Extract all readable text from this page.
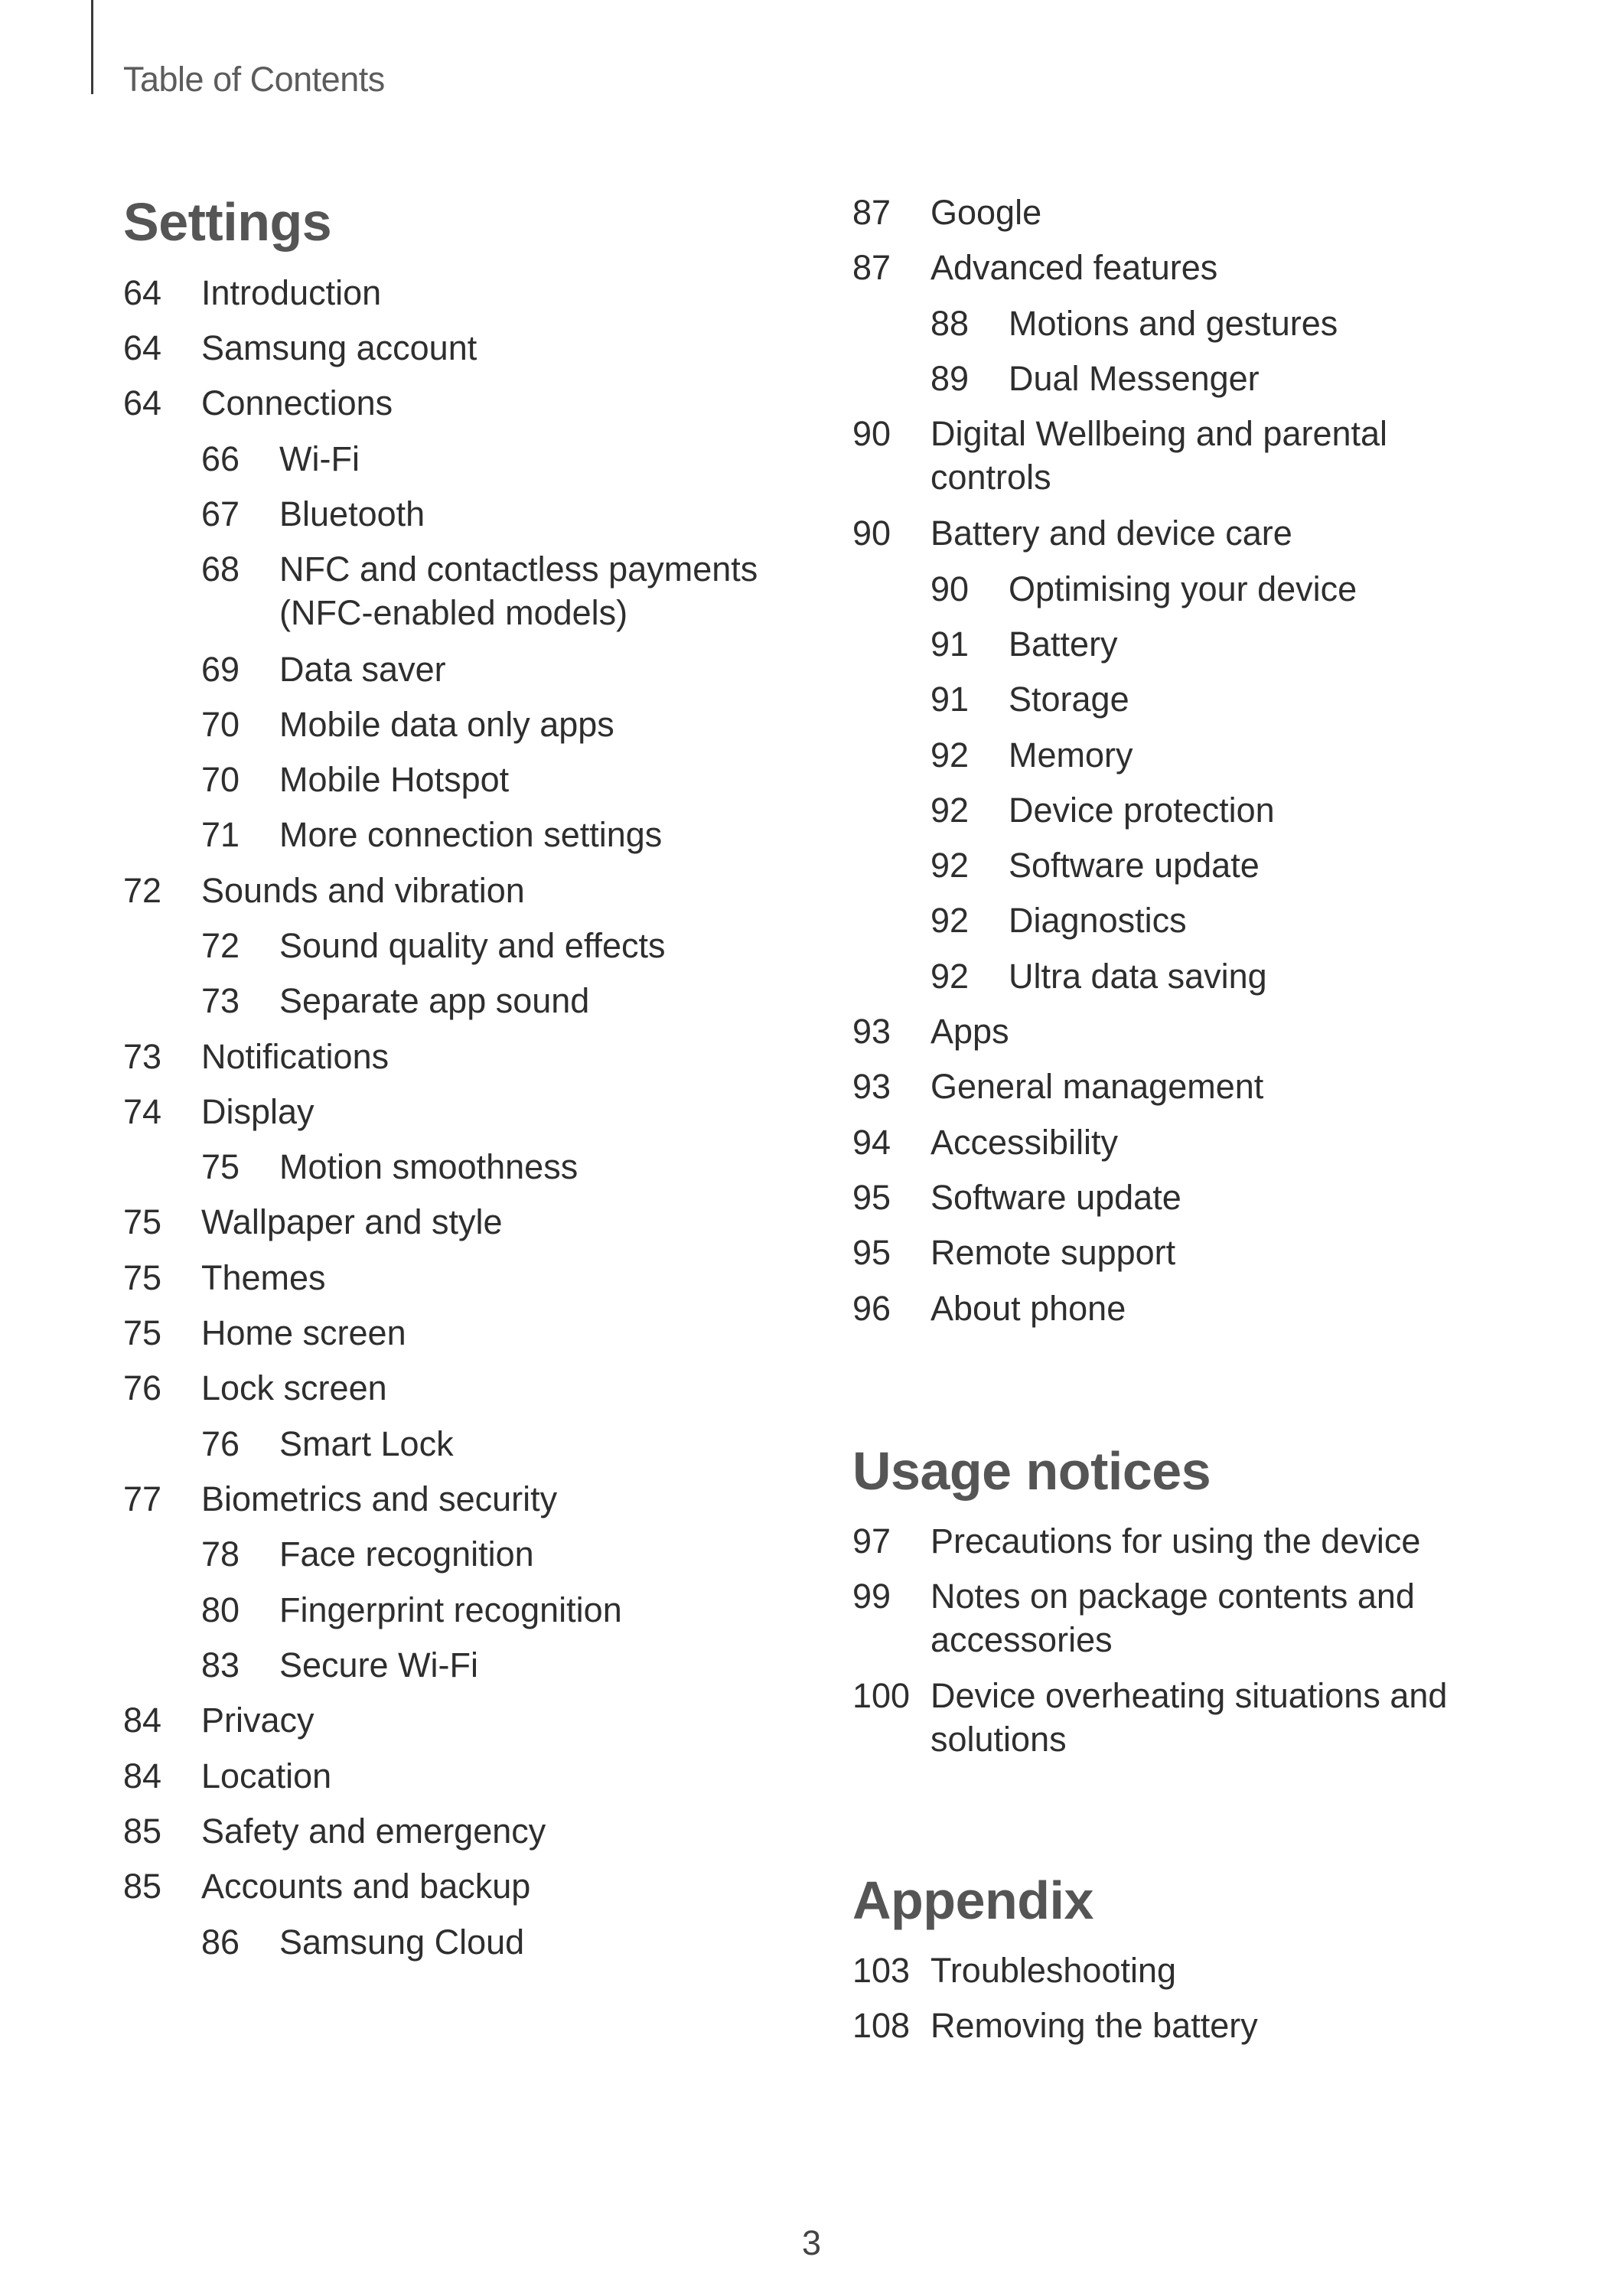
Table of Contents
Settings
64 Introduction
64 Samsung account
64 Connections
66 Wi-Fi
67 Bluetooth
68 NFC and contactless payments
(NFC-enabled models)
69 Data saver
70 Mobile data only apps
70 Mobile Hotspot
71 More connection settings
72 Sounds and vibration
72 Sound quality and effects
73 Separate app sound
73 Notifications
74 Display
75 Motion smoothness
75 Wallpaper and style
75 Themes
75 Home screen
76 Lock screen
76 Smart Lock
77 Biometrics and security
78 Face recognition
80 Fingerprint recognition
83 Secure Wi-Fi
84 Privacy
84 Location
85 Safety and emergency
85 Accounts and backup
86 Samsung Cloud
87 Google
87 Advanced features
88 Motions and gestures
89 Dual Messenger
90 Digital Wellbeing and parental
controls
90 Battery and device care
90 Optimising your device
91 Battery
91 Storage
92 Memory
92 Device protection
92 Software update
92 Diagnostics
92 Ultra data saving
93 Apps
93 General management
94 Accessibility
95 Software update
95 Remote support
96 About phone
Usage notices
97 Precautions for using the device
99 Notes on package contents and
accessories
100 Device overheating situations and
solutions
Appendix
103 Troubleshooting
108 Removing the battery
3
